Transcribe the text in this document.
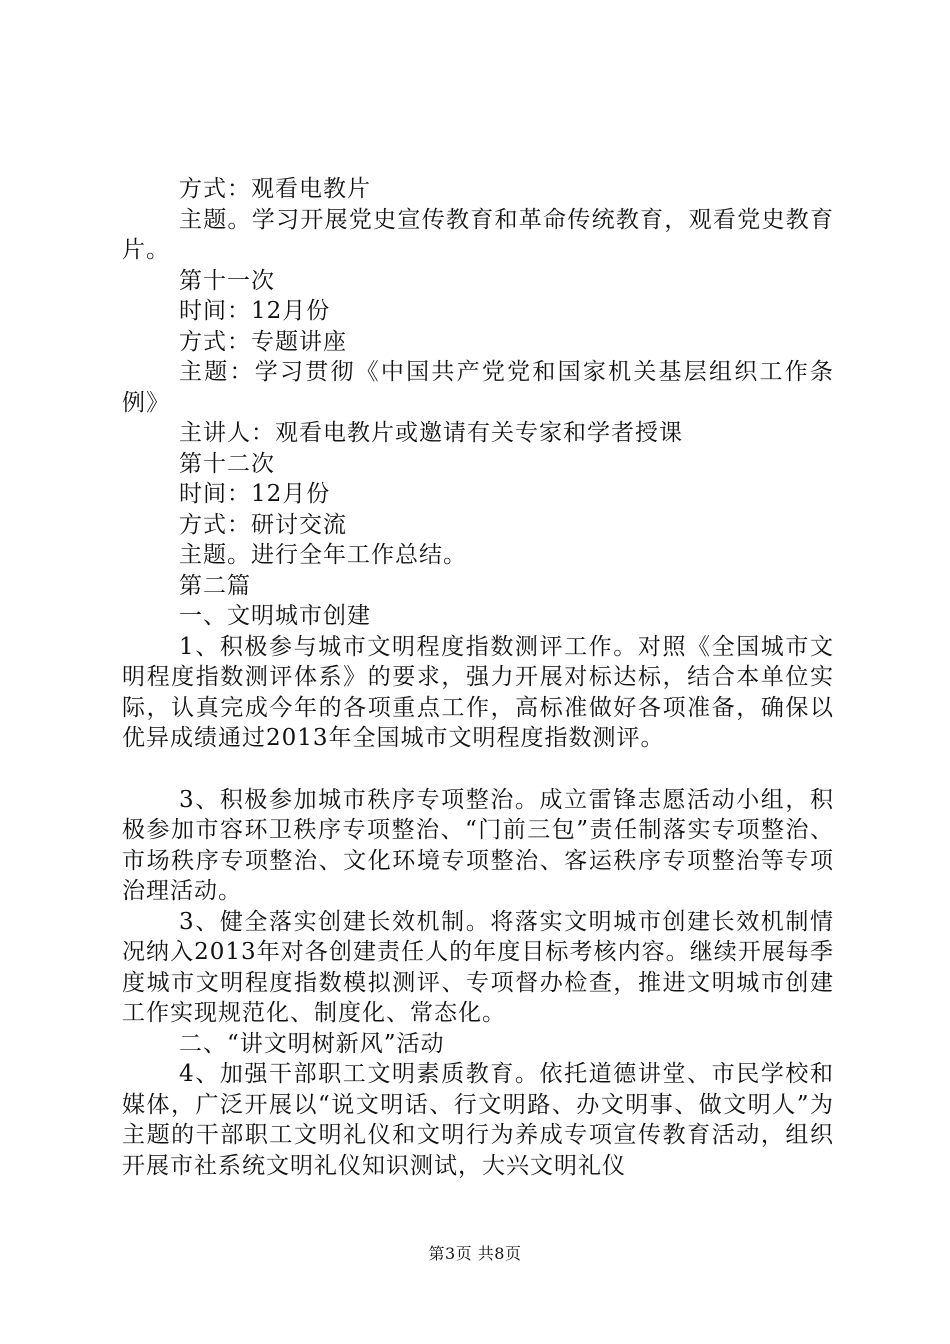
方式：观看电教片

主题。学习开展党史宣传教育和革命传统教育，观看党史教育片。

第十一次

时间：12月份

方式：专题讲座

主题：学习贯彻《中国共产党党和国家机关基层组织工作条例》

主讲人：观看电教片或邀请有关专家和学者授课

第十二次

时间：12月份

方式：研讨交流

主题。进行全年工作总结。

第二篇

一、文明城市创建

1、积极参与城市文明程度指数测评工作。对照《全国城市文明程度指数测评体系》的要求，强力开展对标达标，结合本单位实际，认真完成今年的各项重点工作，高标准做好各项准备，确保以优异成绩通过2013年全国城市文明程度指数测评。

3、积极参加城市秩序专项整治。成立雷锋志愿活动小组，积极参加市容环卫秩序专项整治、“门前三包”责任制落实专项整治、市场秩序专项整治、文化环境专项整治、客运秩序专项整治等专项治理活动。

3、健全落实创建长效机制。将落实文明城市创建长效机制情况纳入2013年对各创建责任人的年度目标考核内容。继续开展每季度城市文明程度指数模拟测评、专项督办检查，推进文明城市创建工作实现规范化、制度化、常态化。

二、“讲文明树新风”活动

4、加强干部职工文明素质教育。依托道德讲堂、市民学校和媒体，广泛开展以“说文明话、行文明路、办文明事、做文明人”为主题的干部职工文明礼仪和文明行为养成专项宣传教育活动，组织开展市社系统文明礼仪知识测试，大兴文明礼仪

第3页 共8页
